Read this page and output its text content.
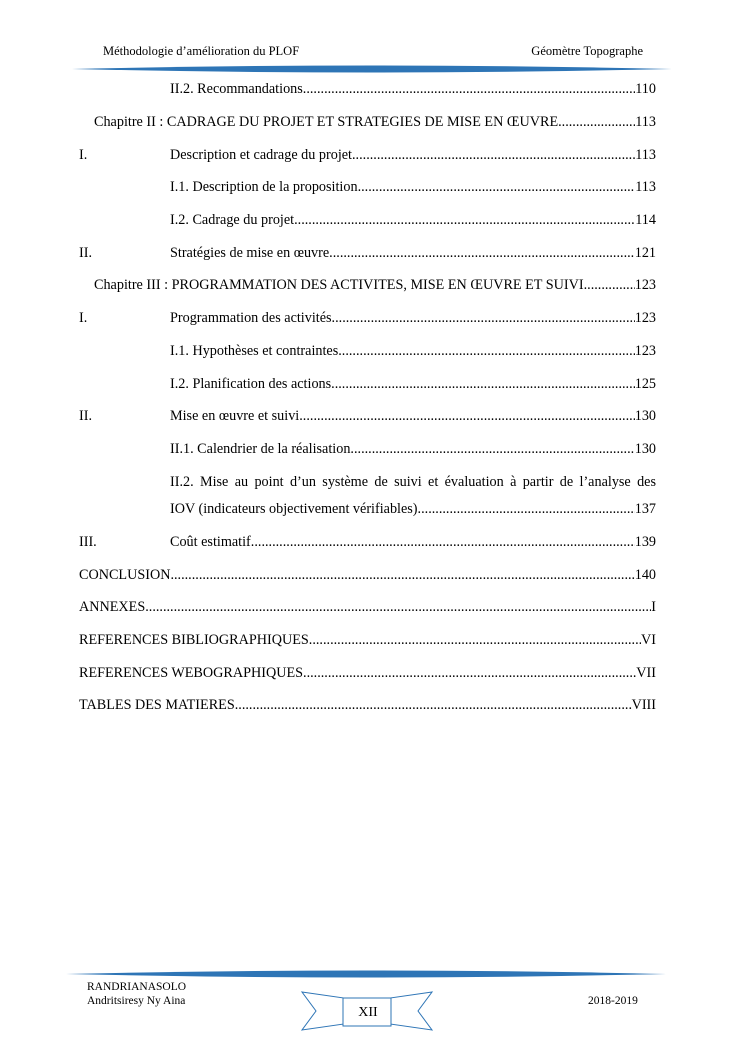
Méthodologie d’amélioration du PLOF	Géomètre Topographe
II.2. Recommandations .....	110
Chapitre II : CADRAGE DU PROJET ET STRATEGIES DE MISE EN ŒUVRE .....	113
I.	Description et cadrage du projet .....	113
I.1. Description de la proposition .....	113
I.2. Cadrage du projet .....	114
II.	Stratégies de mise en œuvre .....	121
Chapitre III : PROGRAMMATION DES ACTIVITES, MISE EN ŒUVRE ET SUIVI .....	123
I.	Programmation des activités .....	123
I.1. Hypothèses et contraintes .....	123
I.2. Planification des actions .....	125
II.	Mise en œuvre et suivi .....	130
II.1. Calendrier de la réalisation .....	130
II.2. Mise au point d’un système de suivi et évaluation à partir de l’analyse des
IOV (indicateurs objectivement vérifiables) .....	137
III.	Coût estimatif .....	139
CONCLUSION .....	140
ANNEXES .....	I
REFERENCES BIBLIOGRAPHIQUES .....	VI
REFERENCES WEBOGRAPHIQUES .....	VII
TABLES DES MATIERES .....	VIII
RANDRIANASOLO
Andritsiresy Ny Aina
XII
2018-2019
